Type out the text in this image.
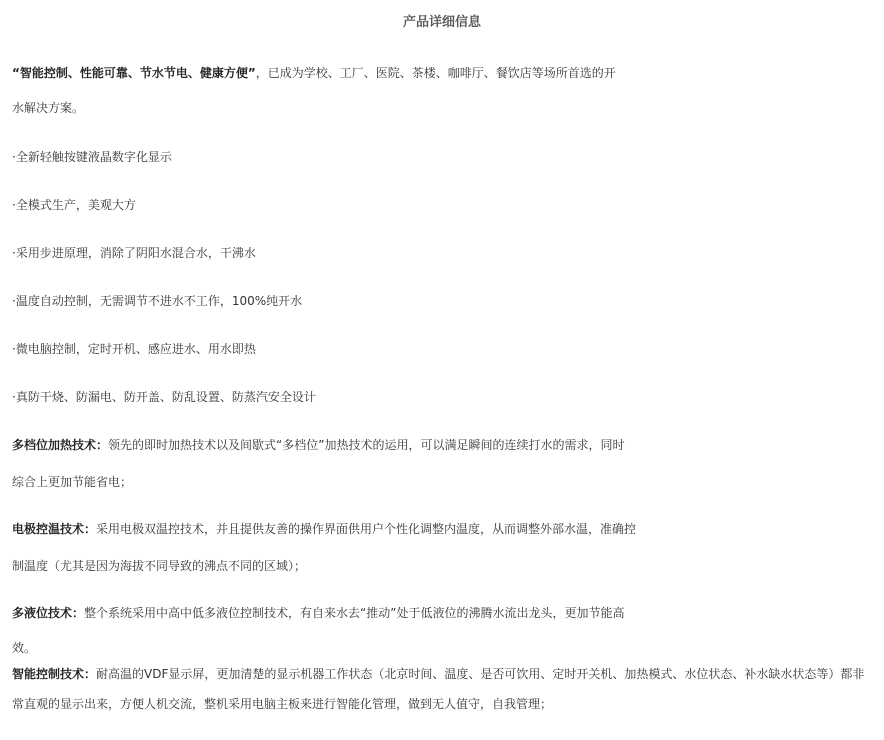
产品详细信息
“智能控制、性能可靠、节水节电、健康方便”，已成为学校、工厂、医院、茶楼、咖啡厅、餐饮店等场所首选的开
水解决方案。
·全新轻触按键液晶数字化显示
·全模式生产，美观大方
·采用步进原理，消除了阴阳水混合水，干沸水
·温度自动控制，无需调节不进水不工作，100%纯开水
·微电脑控制，定时开机、感应进水、用水即热
·真防干烧、防漏电、防开盖、防乱设置、防蒸汽安全设计
多档位加热技术：领先的即时加热技术以及间歇式“多档位”加热技术的运用，可以满足瞬间的连续打水的需求，同时
综合上更加节能省电；
电极控温技术：采用电极双温控技术，并且提供友善的操作界面供用户个性化调整内温度，从而调整外部水温，准确控
制温度（尤其是因为海拔不同导致的沸点不同的区域）；
多液位技术：整个系统采用中高中低多液位控制技术，有自来水去“推动”处于低液位的沸腾水流出龙头，更加节能高
效。
智能控制技术：耐高温的VDF显示屏，更加清楚的显示机器工作状态（北京时间、温度、是否可饮用、定时开关机、加热模式、水位状态、补水缺水状态等）都非
常直观的显示出来，方便人机交流，整机采用电脑主板来进行智能化管理，做到无人值守，自我管理；
